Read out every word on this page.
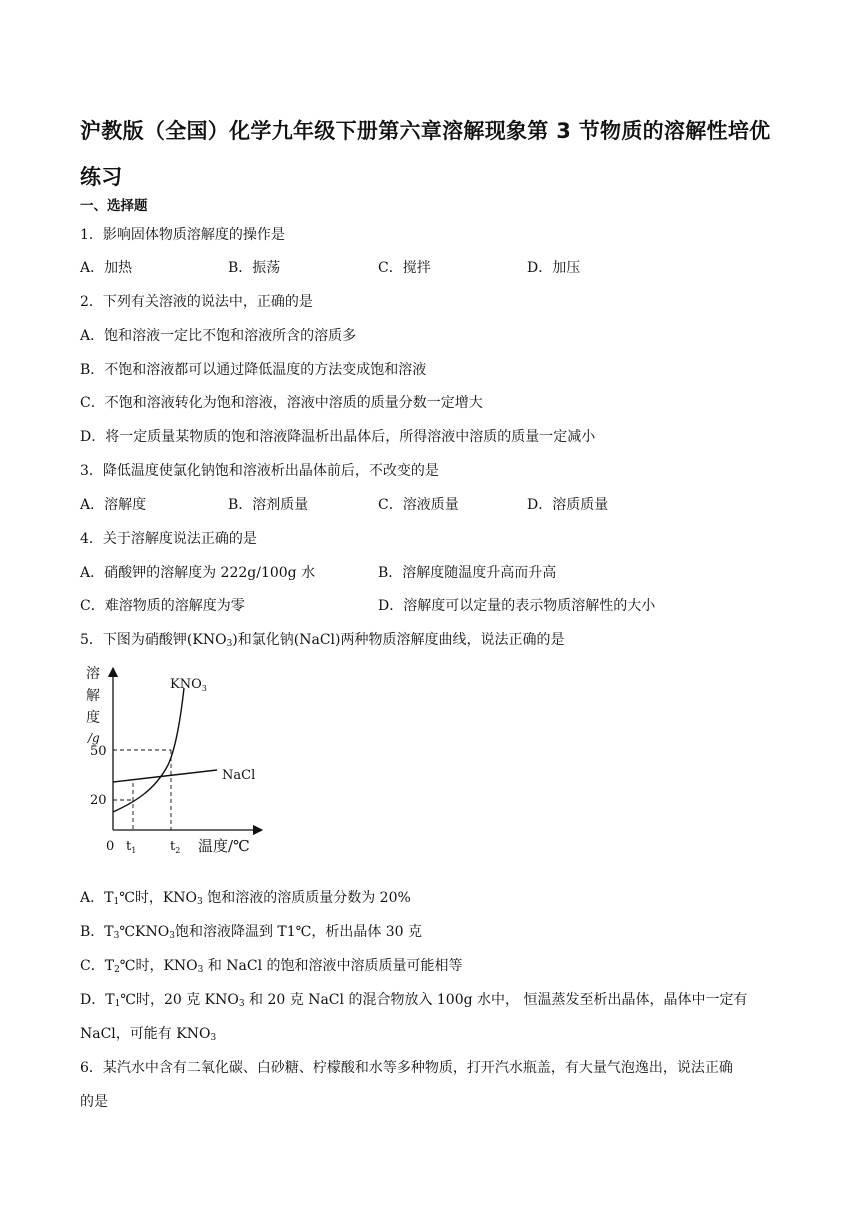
沪教版（全国）化学九年级下册第六章溶解现象第 3 节物质的溶解性培优练习
一、选择题
1．影响固体物质溶解度的操作是
A．加热	B．振荡	C．搅拌	D．加压
2．下列有关溶液的说法中，正确的是
A．饱和溶液一定比不饱和溶液所含的溶质多
B．不饱和溶液都可以通过降低温度的方法变成饱和溶液
C．不饱和溶液转化为饱和溶液，溶液中溶质的质量分数一定增大
D．将一定质量某物质的饱和溶液降温析出晶体后，所得溶液中溶质的质量一定减小
3．降低温度使氯化钠饱和溶液析出晶体前后，不改变的是
A．溶解度	B．溶剂质量	C．溶液质量	D．溶质质量
4．关于溶解度说法正确的是
A．硝酸钾的溶解度为 222g/100g 水	B．溶解度随温度升高而升高
C．难溶物质的溶解度为零	D．溶解度可以定量的表示物质溶解性的大小
5．下图为硝酸钾$(KNO_3)$和氯化钠(NaCl)两种物质溶解度曲线，说法正确的是
溶
解
度
/g
50
20
0 $t_1$	$t_2$ 温度/℃
NaCl
$KNO_3$
A．$T_1℃$时，$KNO_3$ 饱和溶液的溶质质量分数为 20%
B．$T_3℃KNO_3$饱和溶液降温到 T1℃，析出晶体 30 克
C．$T_2℃$时，$KNO_3$ 和 NaCl 的饱和溶液中溶质质量可能相等
D．$T_1℃$时，20 克 $KNO_3$ 和 20 克 NaCl 的混合物放入 100g 水中， 恒温蒸发至析出晶体，晶体中一定有
NaCl，可能有 $KNO_3$
6．某汽水中含有二氧化碳、白砂糖、柠檬酸和水等多种物质，打开汽水瓶盖，有大量气泡逸出，说法正确
的是
